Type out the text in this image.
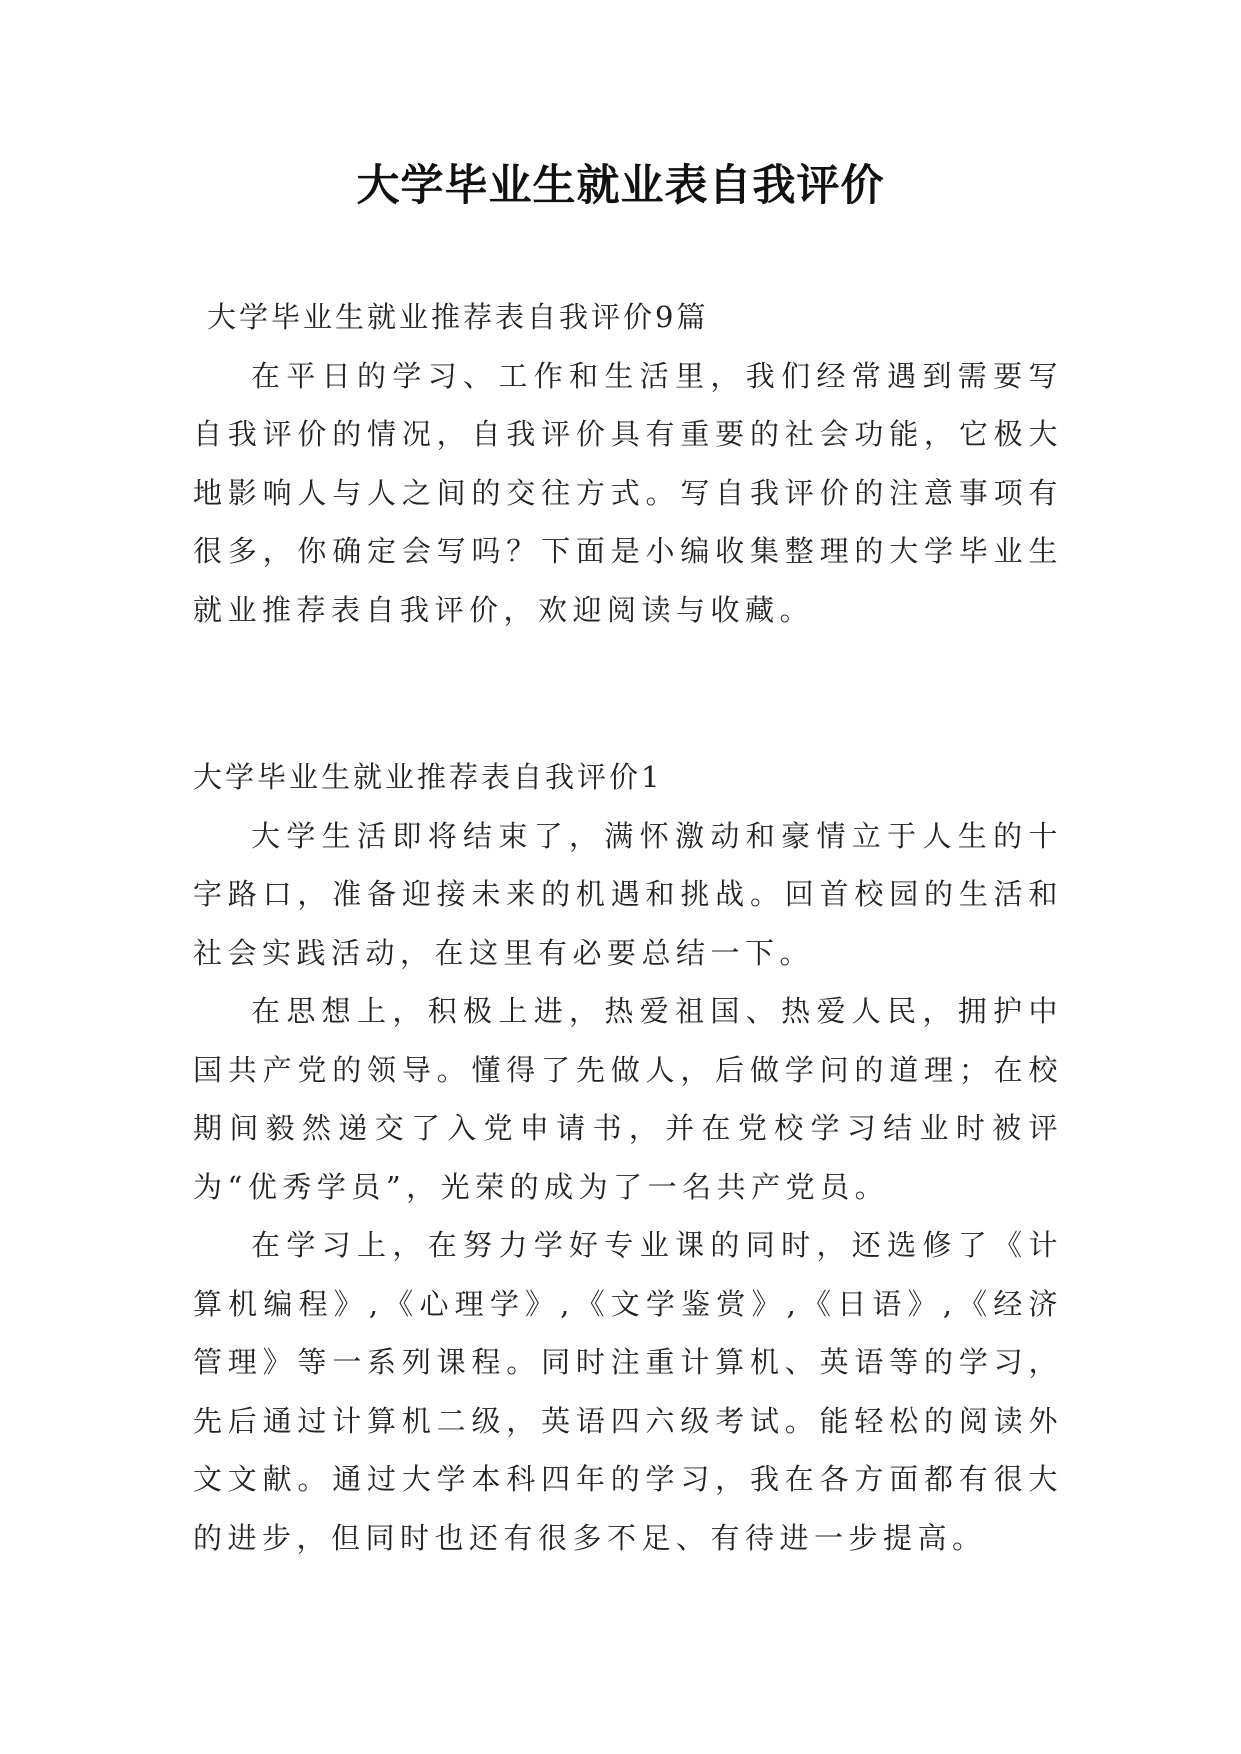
大学毕业生就业表自我评价

大学毕业生就业推荐表自我评价9篇

在平日的学习、工作和生活里，我们经常遇到需要写自我评价的情况，自我评价具有重要的社会功能，它极大地影响人与人之间的交往方式。写自我评价的注意事项有很多，你确定会写吗？下面是小编收集整理的大学毕业生就业推荐表自我评价，欢迎阅读与收藏。

大学毕业生就业推荐表自我评价1

大学生活即将结束了，满怀激动和豪情立于人生的十字路口，准备迎接未来的机遇和挑战。回首校园的生活和社会实践活动，在这里有必要总结一下。

在思想上，积极上进，热爱祖国、热爱人民，拥护中国共产党的领导。懂得了先做人，后做学问的道理；在校期间毅然递交了入党申请书，并在党校学习结业时被评为“优秀学员”，光荣的成为了一名共产党员。

在学习上，在努力学好专业课的同时，还选修了《计算机编程》,《心理学》,《文学鉴赏》,《日语》,《经济管理》等一系列课程。同时注重计算机、英语等的学习，先后通过计算机二级，英语四六级考试。能轻松的阅读外文文献。通过大学本科四年的学习，我在各方面都有很大的进步，但同时也还有很多不足、有待进一步提高。
